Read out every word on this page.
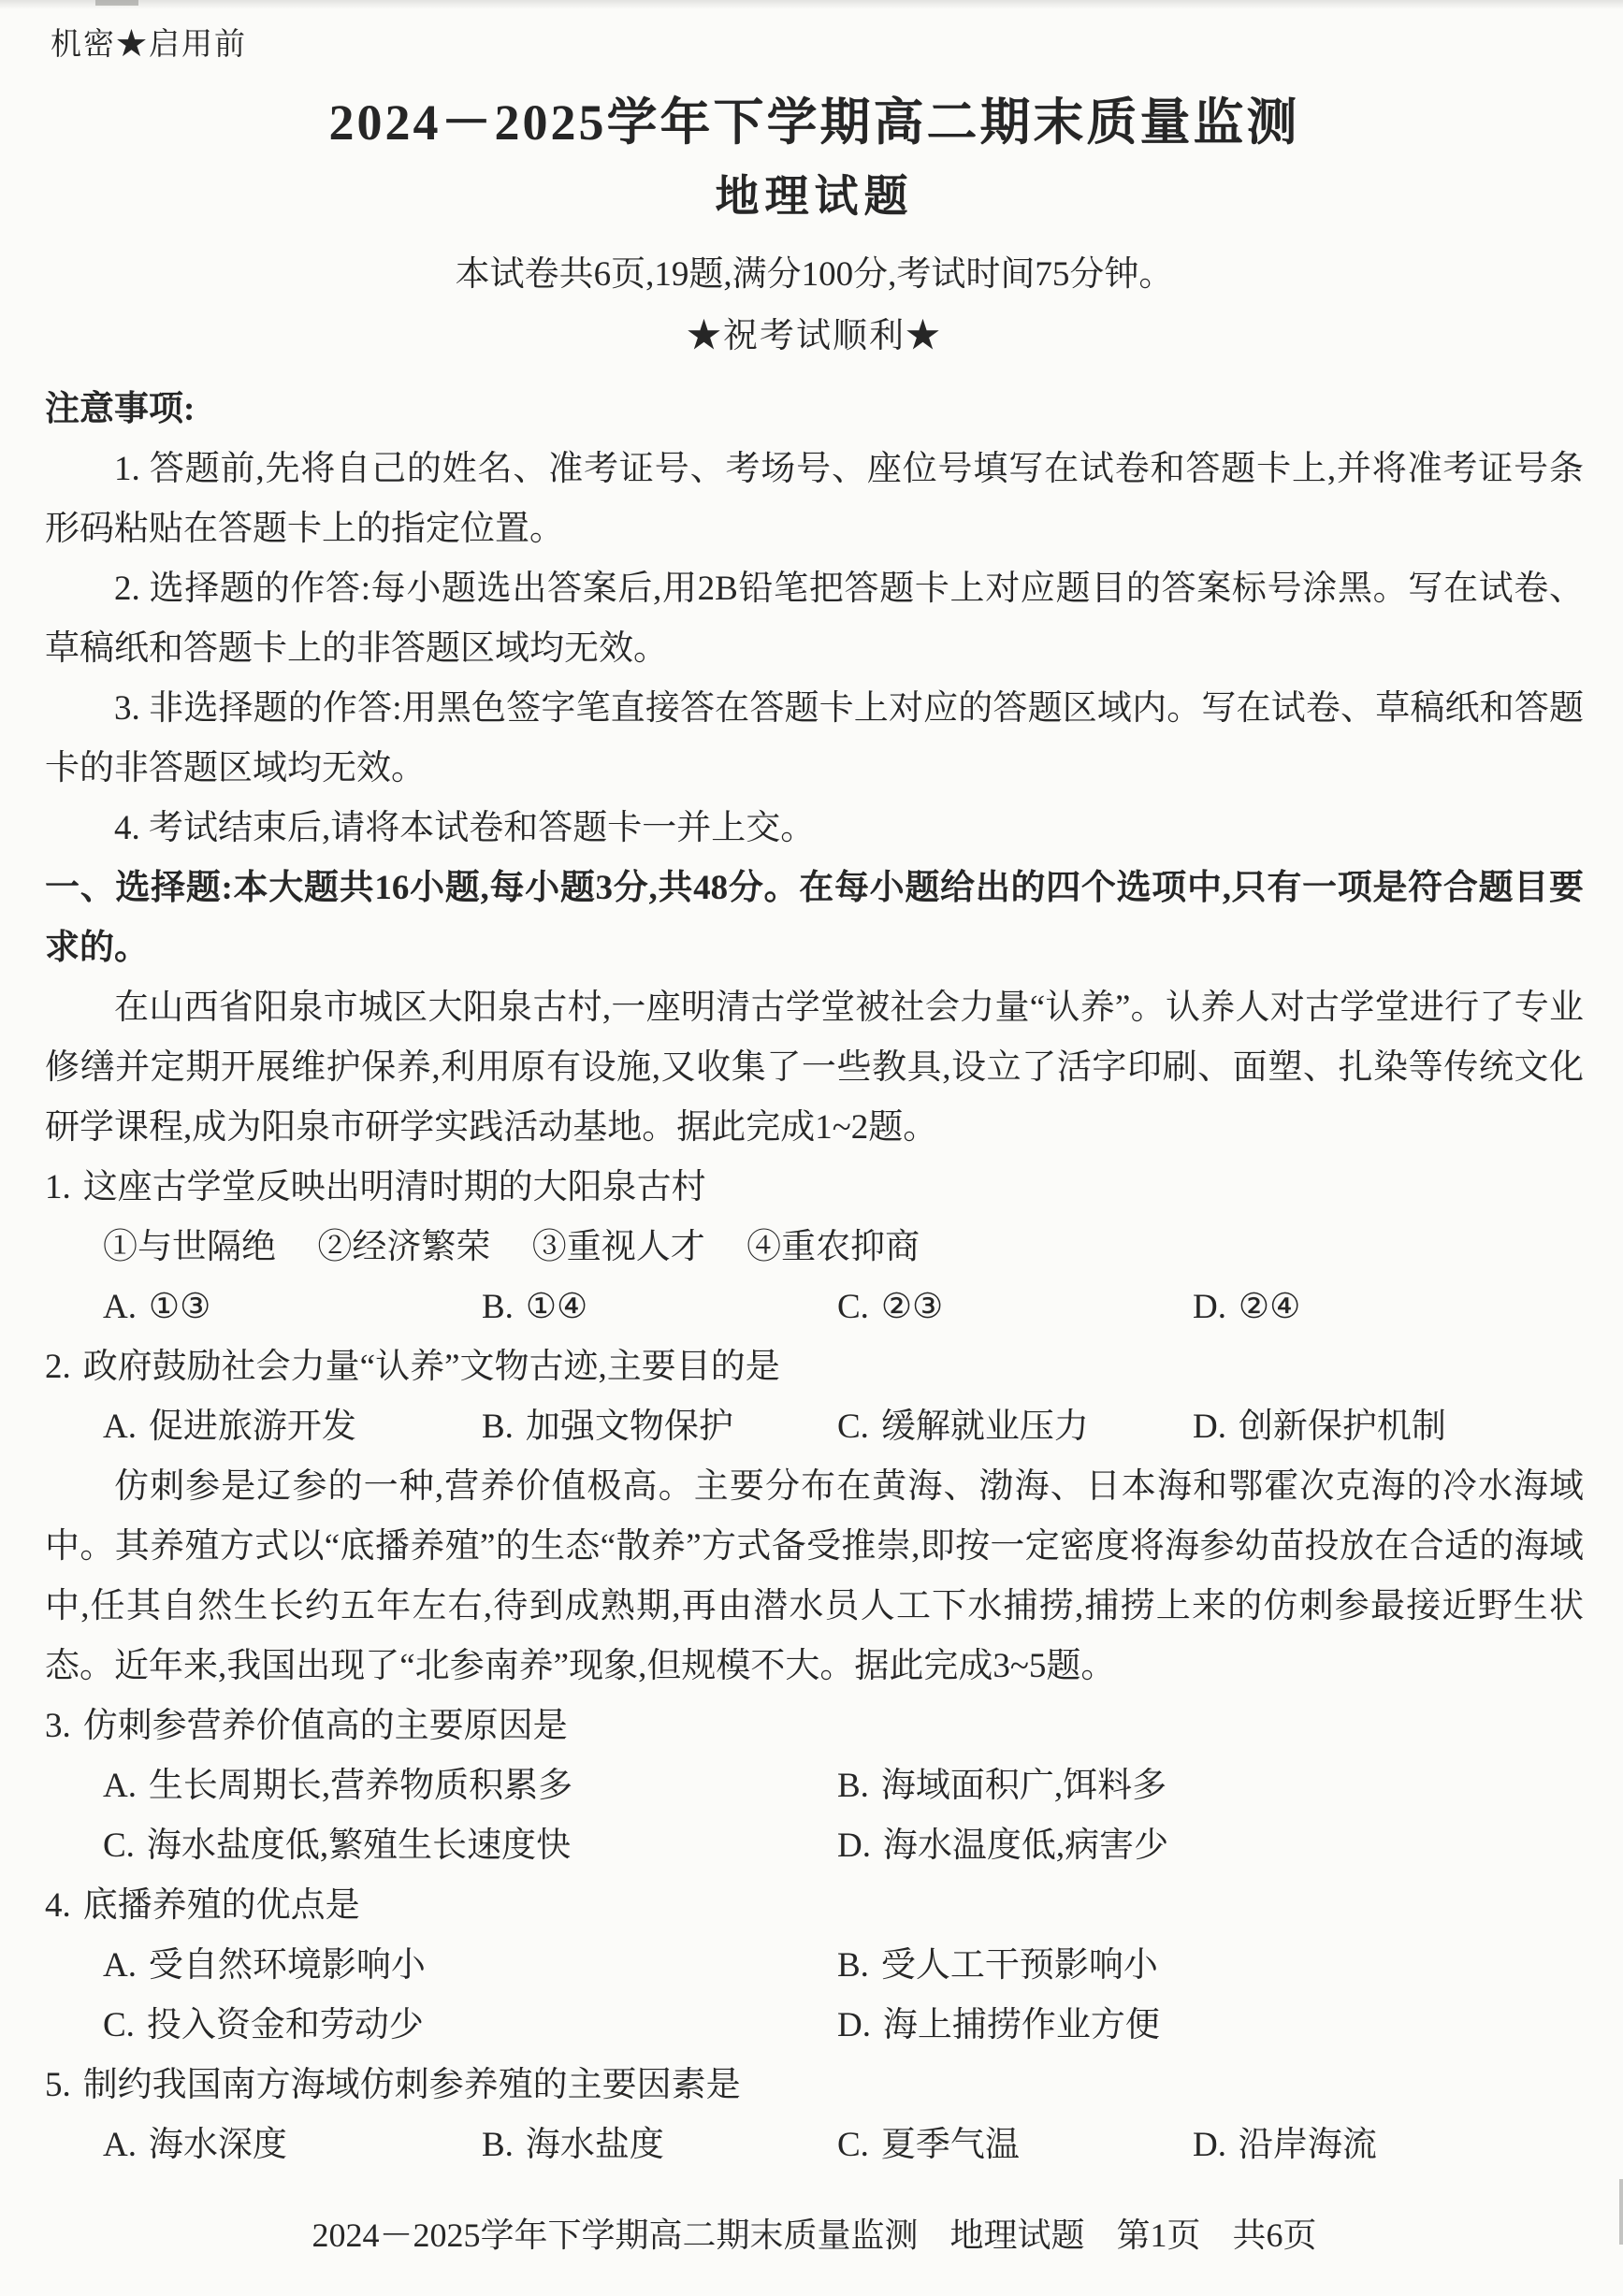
机密★启用前
2024－2025学年下学期高二期末质量监测
地理试题
本试卷共6页,19题,满分100分,考试时间75分钟。
★祝考试顺利★
注意事项:

1. 答题前,先将自己的姓名、准考证号、考场号、座位号填写在试卷和答题卡上,并将准考证号条形码粘贴在答题卡上的指定位置。

2. 选择题的作答:每小题选出答案后,用2B铅笔把答题卡上对应题目的答案标号涂黑。写在试卷、草稿纸和答题卡上的非答题区域均无效。

3. 非选择题的作答:用黑色签字笔直接答在答题卡上对应的答题区域内。写在试卷、草稿纸和答题卡的非答题区域均无效。

4. 考试结束后,请将本试卷和答题卡一并上交。

一、选择题:本大题共16小题,每小题3分,共48分。在每小题给出的四个选项中,只有一项是符合题目要求的。

在山西省阳泉市城区大阳泉古村,一座明清古学堂被社会力量“认养”。认养人对古学堂进行了专业修缮并定期开展维护保养,利用原有设施,又收集了一些教具,设立了活字印刷、面塑、扎染等传统文化研学课程,成为阳泉市研学实践活动基地。据此完成1~2题。

1. 这座古学堂反映出明清时期的大阳泉古村

①与世隔绝 ②经济繁荣 ③重视人才 ④重农抑商
A. ①③	B. ①④	C. ②③	D. ②④

2. 政府鼓励社会力量“认养”文物古迹,主要目的是

A. 促进旅游开发	B. 加强文物保护	C. 缓解就业压力	D. 创新保护机制

仿刺参是辽参的一种,营养价值极高。主要分布在黄海、渤海、日本海和鄂霍次克海的冷水海域中。其养殖方式以“底播养殖”的生态“散养”方式备受推崇,即按一定密度将海参幼苗投放在合适的海域中,任其自然生长约五年左右,待到成熟期,再由潜水员人工下水捕捞,捕捞上来的仿刺参最接近野生状态。近年来,我国出现了“北参南养”现象,但规模不大。据此完成3~5题。

3. 仿刺参营养价值高的主要原因是

A. 生长周期长,营养物质积累多	B. 海域面积广,饵料多
C. 海水盐度低,繁殖生长速度快	D. 海水温度低,病害少

4. 底播养殖的优点是

A. 受自然环境影响小	B. 受人工干预影响小
C. 投入资金和劳动少	D. 海上捕捞作业方便

5. 制约我国南方海域仿刺参养殖的主要因素是

A. 海水深度	B. 海水盐度	C. 夏季气温	D. 沿岸海流
2024－2025学年下学期高二期末质量监测 地理试题 第1页 共6页
